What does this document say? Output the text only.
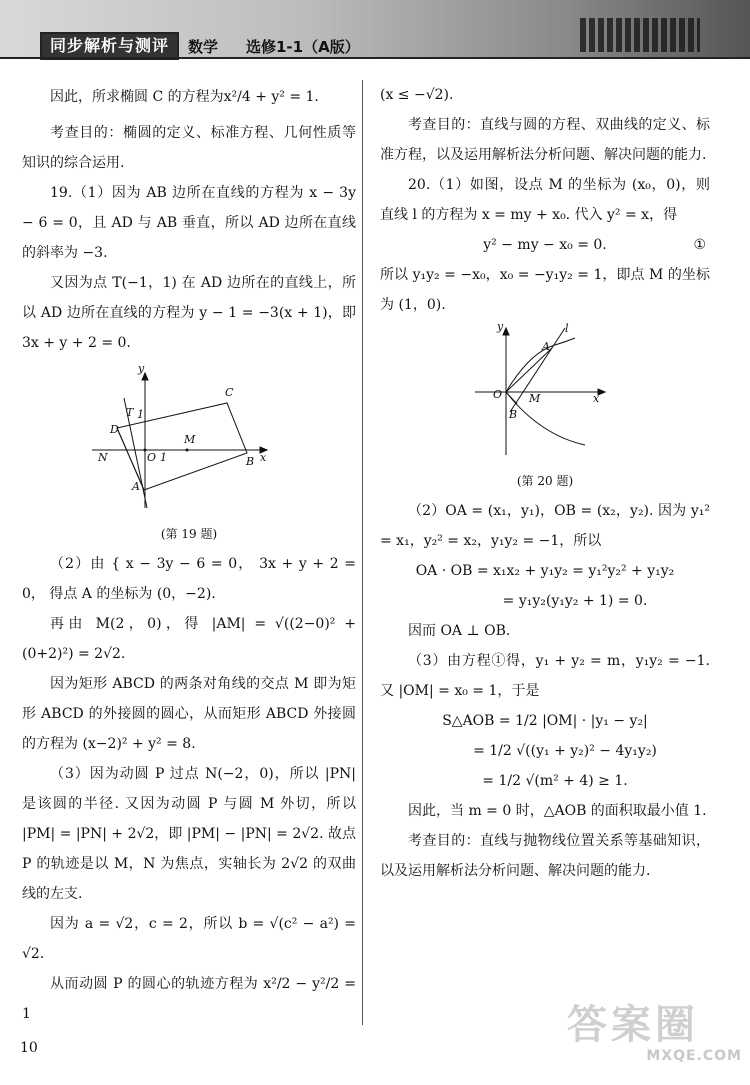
同步解析与测评	数学 选修1-1（A版）

因此，所求椭圆 C 的方程为x²/4 + y² = 1.

考查目的：椭圆的定义、标准方程、几何性质等知识的综合运用.

19.（1）因为 AB 边所在直线的方程为 x − 3y − 6 = 0，且 AD 与 AB 垂直，所以 AD 边所在直线的斜率为 −3.

又因为点 T(−1，1) 在 AD 边所在的直线上，所以 AD 边所在直线的方程为 y − 1 = −3(x + 1)，即 3x + y + 2 = 0.

y
C
T 1
D
M
N	O 1	B x
A
(第 19 题)

（2）由 { x − 3y − 6 = 0， 3x + y + 2 = 0， 得点 A 的坐标为 (0，−2).

再由 M(2，0)，得 |AM| = √((2−0)² + (0+2)²) = 2√2.

因为矩形 ABCD 的两条对角线的交点 M 即为矩形 ABCD 的外接圆的圆心，从而矩形 ABCD 外接圆的方程为 (x−2)² + y² = 8.

（3）因为动圆 P 过点 N(−2，0)，所以 |PN| 是该圆的半径. 又因为动圆 P 与圆 M 外切，所以 |PM| = |PN| + 2√2，即 |PM| − |PN| = 2√2. 故点 P 的轨迹是以 M，N 为焦点，实轴长为 2√2 的双曲线的左支.

因为 a = √2，c = 2，所以 b = √(c² − a²) = √2.

从而动圆 P 的圆心的轨迹方程为 x²/2 − y²/2 = 1

(x ≤ −√2).

考查目的：直线与圆的方程、双曲线的定义、标准方程，以及运用解析法分析问题、解决问题的能力.

20.（1）如图，设点 M 的坐标为 (x₀，0)，则直线 l 的方程为 x = my + x₀. 代入 y² = x，得

y² − my − x₀ = 0.	①

所以 y₁y₂ = −x₀，x₀ = −y₁y₂ = 1，即点 M 的坐标为 (1，0).

y	l
A
O M	x
B
(第 20 题)

（2）OA = (x₁，y₁)，OB = (x₂，y₂). 因为 y₁² = x₁，y₂² = x₂，y₁y₂ = −1，所以

OA · OB = x₁x₂ + y₁y₂ = y₁²y₂² + y₁y₂

= y₁y₂(y₁y₂ + 1) = 0.

因而 OA ⊥ OB.

（3）由方程①得，y₁ + y₂ = m，y₁y₂ = −1. 又 |OM| = x₀ = 1，于是

S△AOB = 1/2 |OM| · |y₁ − y₂|

= 1/2 √((y₁ + y₂)² − 4y₁y₂)

= 1/2 √(m² + 4) ≥ 1.

因此，当 m = 0 时，△AOB 的面积取最小值 1.

考查目的：直线与抛物线位置关系等基础知识，以及运用解析法分析问题、解决问题的能力.

10	答案圈
MXQE.COM
